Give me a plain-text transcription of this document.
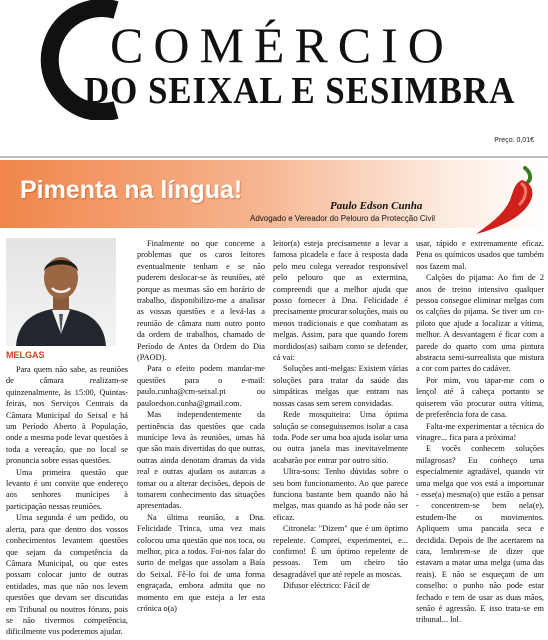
COMÉRCIO
DO SEIXAL E SESIMBRA
Preço: 0,01€
Pimenta na língua!
Paulo Edson Cunha
Advogado e Vereador do Pelouro da Protecção Civil
MELGAS

Para quem não sabe, as reuniões de câmara realizam-se quinzenalmente, às 15:00, Quintas-feiras, nos Serviços Centrais da Câmara Municipal do Seixal e há um Período Aberto à População, onde a mesma pode levar questões à toda a vereação, que no local se pronuncia sobre essas questões.

Uma primeira questão que levanto é um convite que endereço aos senhores munícipes à participação nessas reuniões.

Uma segunda é um pedido, ou alerta, para que dentro dos vossos conhecimentos levantem questões que sejam da competência da Câmara Municipal, ou que estes possam colocar junto de outras entidades, mas que não nos levem questões que devam ser discutidas em Tribunal ou noutros fóruns, pois se não tivermos competência, dificilmente vos poderemos ajudar.

Finalmente no que concerne a problemas que os caros leitores eventualmente tenham e se não puderem deslocar-se às reuniões, até porque as mesmas são em horário de trabalho, disponibilizo-me a analisar as vossas questões e a levá-las a reunião de câmara num outro ponto da ordem de trabalhos, chamado de Período de Antes da Ordem do Dia (PAOD).

Para o efeito podem mandar-me questões para o e-mail: paulo.cunha@cm-seixal.pt ou pauloedson.cunha@gmail.com.

Mas independentemente da pertinência das questões que cada munícipe leva às reuniões, umas há que são mais divertidas do que outras, outras ainda denotam dramas da vida real e outras ajudam os autarcas a tomar ou a alterar decisões, depois de tomarem conhecimento das situações apresentadas.

Na última reunião, a Dna. Felicidade Trinca, uma vez mais colocou uma questão que nos toca, ou melhor, pica a todos. Foi-nos falar do surto de melgas que assolam a Baía do Seixal. Fê-lo foi de uma forma engraçada, embora admita que no momento em que esteja a ler esta crónica o(a)

leitor(a) esteja precisamente a levar a famosa picadela e face à resposta dada pelo meu colega vereador responsável pelo pelouro que as extermina, compreendi que a melhor ajuda que posso fornecer à Dna. Felicidade é precisamente procurar soluções, mais ou menos tradicionais e que combatam as melgas. Assim, para que quando forem mordidos(as) saibam como se defender, cá vai:

Soluções anti-melgas: Existem várias soluções para tratar da saúde das simpáticas melgas que entram nas nossas casas sem serem convidadas.

Rede mosquiteira: Uma óptima solução se conseguissemos isolar a casa toda. Pode ser uma boa ajuda isolar uma ou outra janela mas inevitavelmente acabarão por entrar por outro sítio.

Ultra-sons: Tenho dúvidas sobre o seu bom funcionamento. Ao que parece funciona bastante bem quando não há melgas, mas quando as há pode não ser eficaz.

Citronela: "Dizem" que é um óptimo repelente. Comprei, experimentei, e... confirmo! É um óptimo repelente de pessoas. Tem um cheiro tão desagradável que até repele as moscas.

Difusor eléctrico: Fácil de

usar, rápido e extremamente eficaz. Pena os químicos usados que também nos fazem mal.

Calções do pijama: Ao fim de 2 anos de treino intensivo qualquer pessoa consegue eliminar melgas com os calções do pijama. Se tiver um co-piloto que ajude a localizar a vítima, melhor. A desvantagem é ficar com a parede do quarto com uma pintura abstracta semi-surrealista que mistura a cor com partes do cadáver.

Por mim, vou tapar-me com o lençol até à cabeça portanto se quiserem vão procurar outra vítima, de preferência fora de casa.

Falta-me experimentar a técnica do vinagre... fica para a próxima!

E vocês conhecem soluções milagrosas? Eu conheço uma especialmente agradável, quando vir uma melga que vos está a importunar - esse(a) mesma(o) que estão a pensar - concentrem-se bem nela(e), estudem-lhe os movimentos. Apliquem uma pancada seca e decidida. Depois de lhe acertarem na cara, lembrem-se de dizer que estavam a matar uma melga (uma das reais). E não se esqueçam de um conselho: o punho não pode estar fechado e tem de usar as duas mãos, senão é agressão. E isso trata-se em tribunal... lol.
